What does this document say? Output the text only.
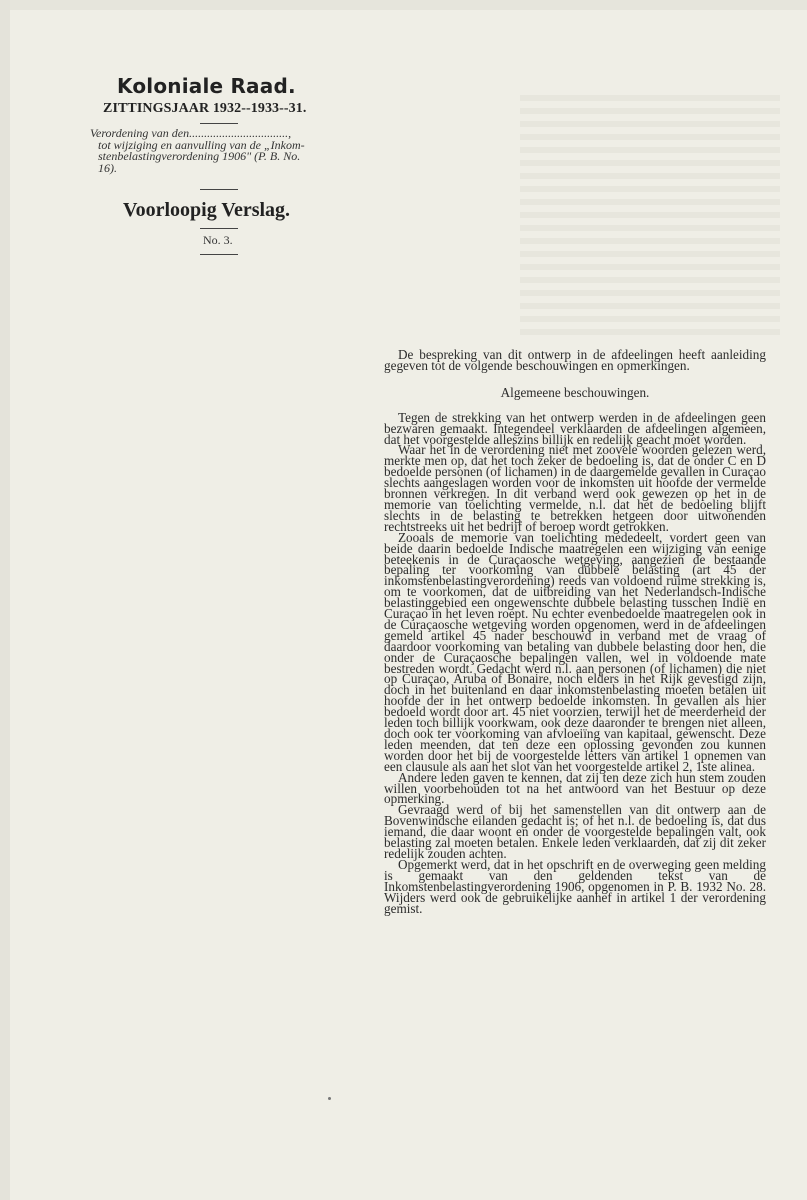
Koloniale Raad.
ZITTINGSJAAR 1932--1933--31.
Verordening van den.................................,
tot wijziging en aanvulling van de „Inkom-
stenbelastingverordening 1906" (P. B. No.
16).
Voorloopig Verslag.
No. 3.

De bespreking van dit ontwerp in de afdeelingen heeft aanleiding gegeven tot de volgende beschouwingen en opmerkingen.

Algemeene beschouwingen.

Tegen de strekking van het ontwerp werden in de afdeelingen geen bezwaren gemaakt. Integendeel verklaarden de afdeelingen algemeen, dat het voorgestelde alleszins billijk en redelijk geacht moet worden.

Waar het in de verordening niet met zoovele woorden gelezen werd, merkte men op, dat het toch zeker de bedoeling is, dat de onder C en D bedoelde personen (of lichamen) in de daargemelde gevallen in Curaçao slechts aangeslagen worden voor de inkomsten uit hoofde der vermelde bronnen verkregen. In dit verband werd ook gewezen op het in de memorie van toelichting vermelde, n.l. dat het de bedoeling blijft slechts in de belasting te betrekken hetgeen door uitwonenden rechtstreeks uit het bedrijf of beroep wordt getrokken.

Zooals de memorie van toelichting mededeelt, vordert geen van beide daarin bedoelde Indische maatregelen een wijziging van eenige beteekenis in de Curaçaosche wetgeving, aangezien de bestaande bepaling ter voorkoming van dubbele belasting (art 45 der inkomstenbelastingverordening) reeds van voldoend ruime strekking is, om te voorkomen, dat de uitbreiding van het Nederlandsch-Indische belastinggebied een ongewenschte dubbele belasting tusschen Indië en Curaçao in het leven roept. Nu echter evenbedoelde maatregelen ook in de Curaçaosche wetgeving worden opgenomen, werd in de afdeelingen gemeld artikel 45 nader beschouwd in verband met de vraag of daardoor voorkoming van betaling van dubbele belasting door hen, die onder de Curaçaosche bepalingen vallen, wel in voldoende mate bestreden wordt. Gedacht werd n.l. aan personen (of lichamen) die niet op Curaçao, Aruba of Bonaire, noch elders in het Rijk gevestigd zijn, doch in het buitenland en daar inkomstenbelasting moeten betalen uit hoofde der in het ontwerp bedoelde inkomsten. In gevallen als hier bedoeld wordt door art. 45 niet voorzien, terwijl het de meerderheid der leden toch billijk voorkwam, ook deze daaronder te brengen niet alleen, doch ook ter voorkoming van afvloeiïng van kapitaal, gewenscht. Deze leden meenden, dat ten deze een oplossing gevonden zou kunnen worden door het bij de voorgestelde letters van artikel 1 opnemen van een clausule als aan het slot van het voorgestelde artikel 2, 1ste alinea.

Andere leden gaven te kennen, dat zij ten deze zich hun stem zouden willen voorbehouden tot na het antwoord van het Bestuur op deze opmerking.

Gevraagd werd of bij het samenstellen van dit ontwerp aan de Bovenwindsche eilanden gedacht is; of het n.l. de bedoeling is, dat dus iemand, die daar woont en onder de voorgestelde bepalingen valt, ook belasting zal moeten betalen. Enkele leden verklaarden, dat zij dit zeker redelijk zouden achten.

Opgemerkt werd, dat in het opschrift en de overweging geen melding is gemaakt van den geldenden tekst van de Inkomstenbelastingverordening 1906, opgenomen in P. B. 1932 No. 28. Wijders werd ook de gebruikelijke aanhef in artikel 1 der verordening gemist.
